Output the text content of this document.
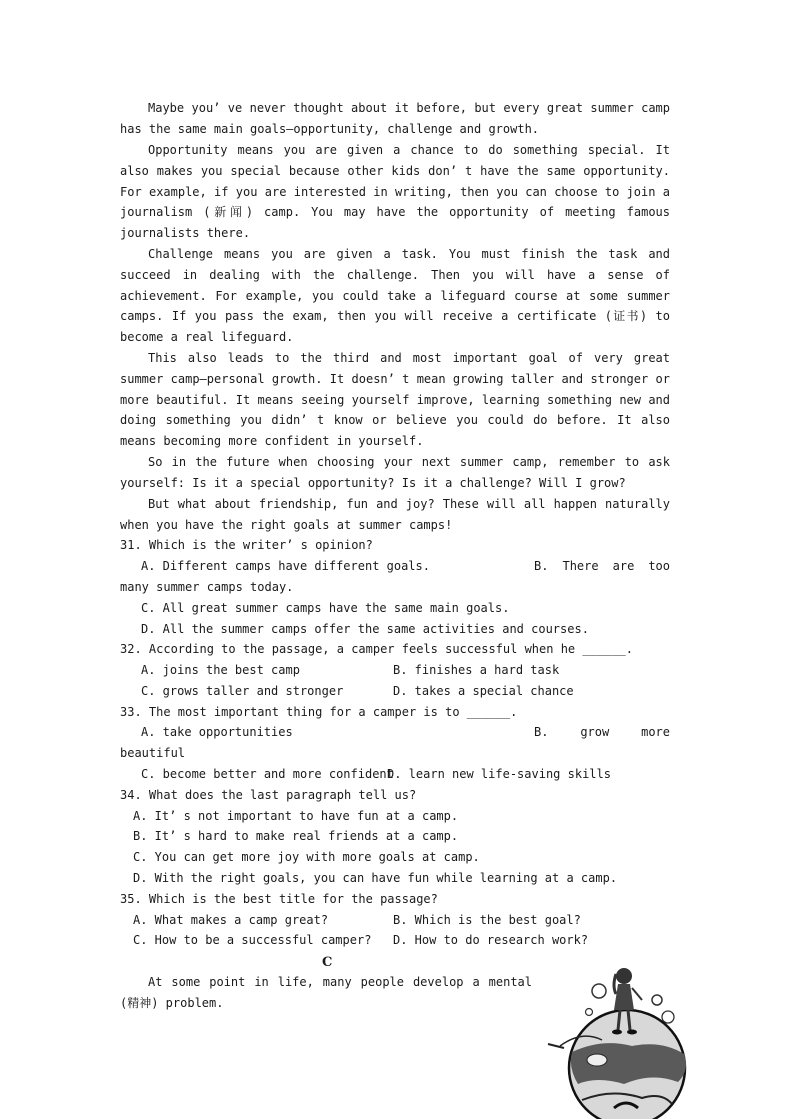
Maybe you’ ve never thought about it before, but every great summer camp has the same main goals—opportunity, challenge and growth.
Opportunity means you are given a chance to do something special. It also makes you special because other kids don’ t have the same opportunity. For example, if you are interested in writing, then you can choose to join a journalism (新闻) camp. You may have the opportunity of meeting famous journalists there.
Challenge means you are given a task. You must finish the task and succeed in dealing with the challenge. Then you will have a sense of achievement. For example, you could take a lifeguard course at some summer camps. If you pass the exam, then you will receive a certificate (证书) to become a real lifeguard.
This also leads to the third and most important goal of very great summer camp—personal growth. It doesn’ t mean growing taller and stronger or more beautiful. It means seeing yourself improve, learning something new and doing something you didn’ t know or believe you could do before. It also means becoming more confident in yourself.
So in the future when choosing your next summer camp, remember to ask yourself: Is it a special opportunity? Is it a challenge? Will I grow?
But what about friendship, fun and joy? These will all happen naturally when you have the right goals at summer camps!
31. Which is the writer’ s opinion?
A. Different camps have different goals.	B. There are too many summer camps today.
C. All great summer camps have the same main goals.
D. All the summer camps offer the same activities and courses.
32. According to the passage, a camper feels successful when he ______.
A. joins the best camp	B. finishes a hard task
C. grows taller and stronger	D. takes a special chance
33. The most important thing for a camper is to ______.
A. take opportunities	B. grow more beautiful
C. become better and more confident
D. learn new life-saving skills
34. What does the last paragraph tell us?
A. It’ s not important to have fun at a camp.
B. It’ s hard to make real friends at a camp.
C. You can get more joy with more goals at camp.
D. With the right goals, you can have fun while learning at a camp.
35. Which is the best title for the passage?
A. What makes a camp great?	B. Which is the best goal?
C. How to be a successful camper? D. How to do research work?
C
At some point in life, many people develop a mental (精神) problem.
